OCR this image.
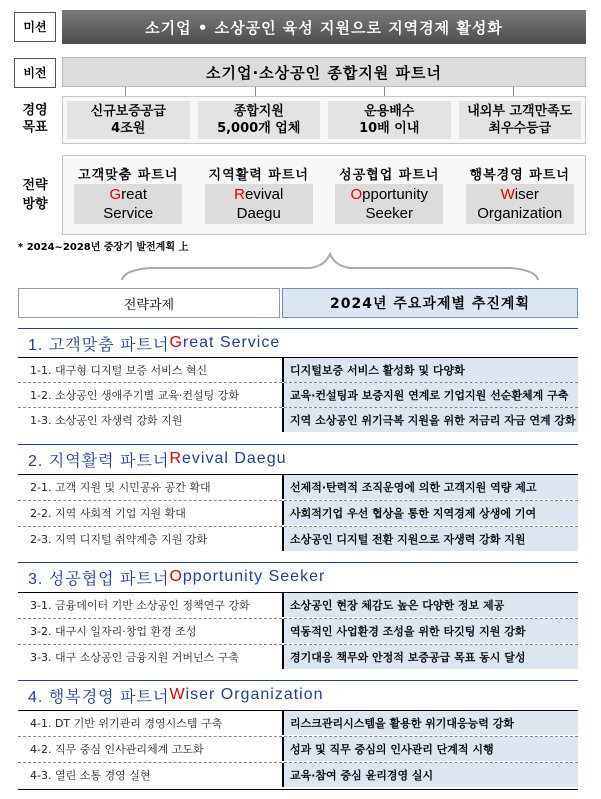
미션	소기업 • 소상공인 육성 지원으로 지역경제 활성화
비전	소기업·소상공인 종합지원 파트너
경영
목표
신규보증공급
4조원
종합지원
5,000개 업체
운용배수
10배 이내
내외부 고객만족도
최우수등급
전략
방향
고객맞춤 파트너
Great
Service
지역활력 파트너
Revival
Daegu
성공협업 파트너
Opportunity
Seeker
행복경영 파트너
Wiser
Organization
* 2024~2028년 중장기 발전계획 上
전략과제	2024년 주요과제별 추진계획
1. 고객맞춤 파트너 G reat Service
1-1. 대구형 디지털 보증 서비스 혁신	디지털보증 서비스 활성화 및 다양화
1-2. 소상공인 생애주기별 교육·컨설팅 강화	교육·컨설팅과 보증지원 연계로 기업지원 선순환체계 구축
1-3. 소상공인 자생력 강화 지원	지역 소상공인 위기극복 지원을 위한 저금리 자금 연계 강화
2. 지역활력 파트너 R evival Daegu
2-1. 고객 지원 및 시민공유 공간 확대	선제적·탄력적 조직운영에 의한 고객지원 역량 제고
2-2. 지역 사회적 기업 지원 확대	사회적기업 우선 협상을 통한 지역경제 상생에 기여
2-3. 지역 디지털 취약계층 지원 강화	소상공인 디지털 전환 지원으로 자생력 강화 지원
3. 성공협업 파트너 O pportunity Seeker
3-1. 금융데이터 기반 소상공인 정책연구 강화	소상공인 현장 체감도 높은 다양한 정보 제공
3-2. 대구시 일자리·창업 환경 조성	역동적인 사업환경 조성을 위한 타깃팅 지원 강화
3-3. 대구 소상공인 금융지원 거버넌스 구축	경기대응 책무와 안정적 보증공급 목표 동시 달성
4. 행복경영 파트너 W iser Organization
4-1. DT 기반 위기관리 경영시스템 구축	리스크관리시스템을 활용한 위기대응능력 강화
4-2. 직무 중심 인사관리체계 고도화	성과 및 직무 중심의 인사관리 단계적 시행
4-3. 열린 소통 경영 실현	교육·참여 중심 윤리경영 실시
